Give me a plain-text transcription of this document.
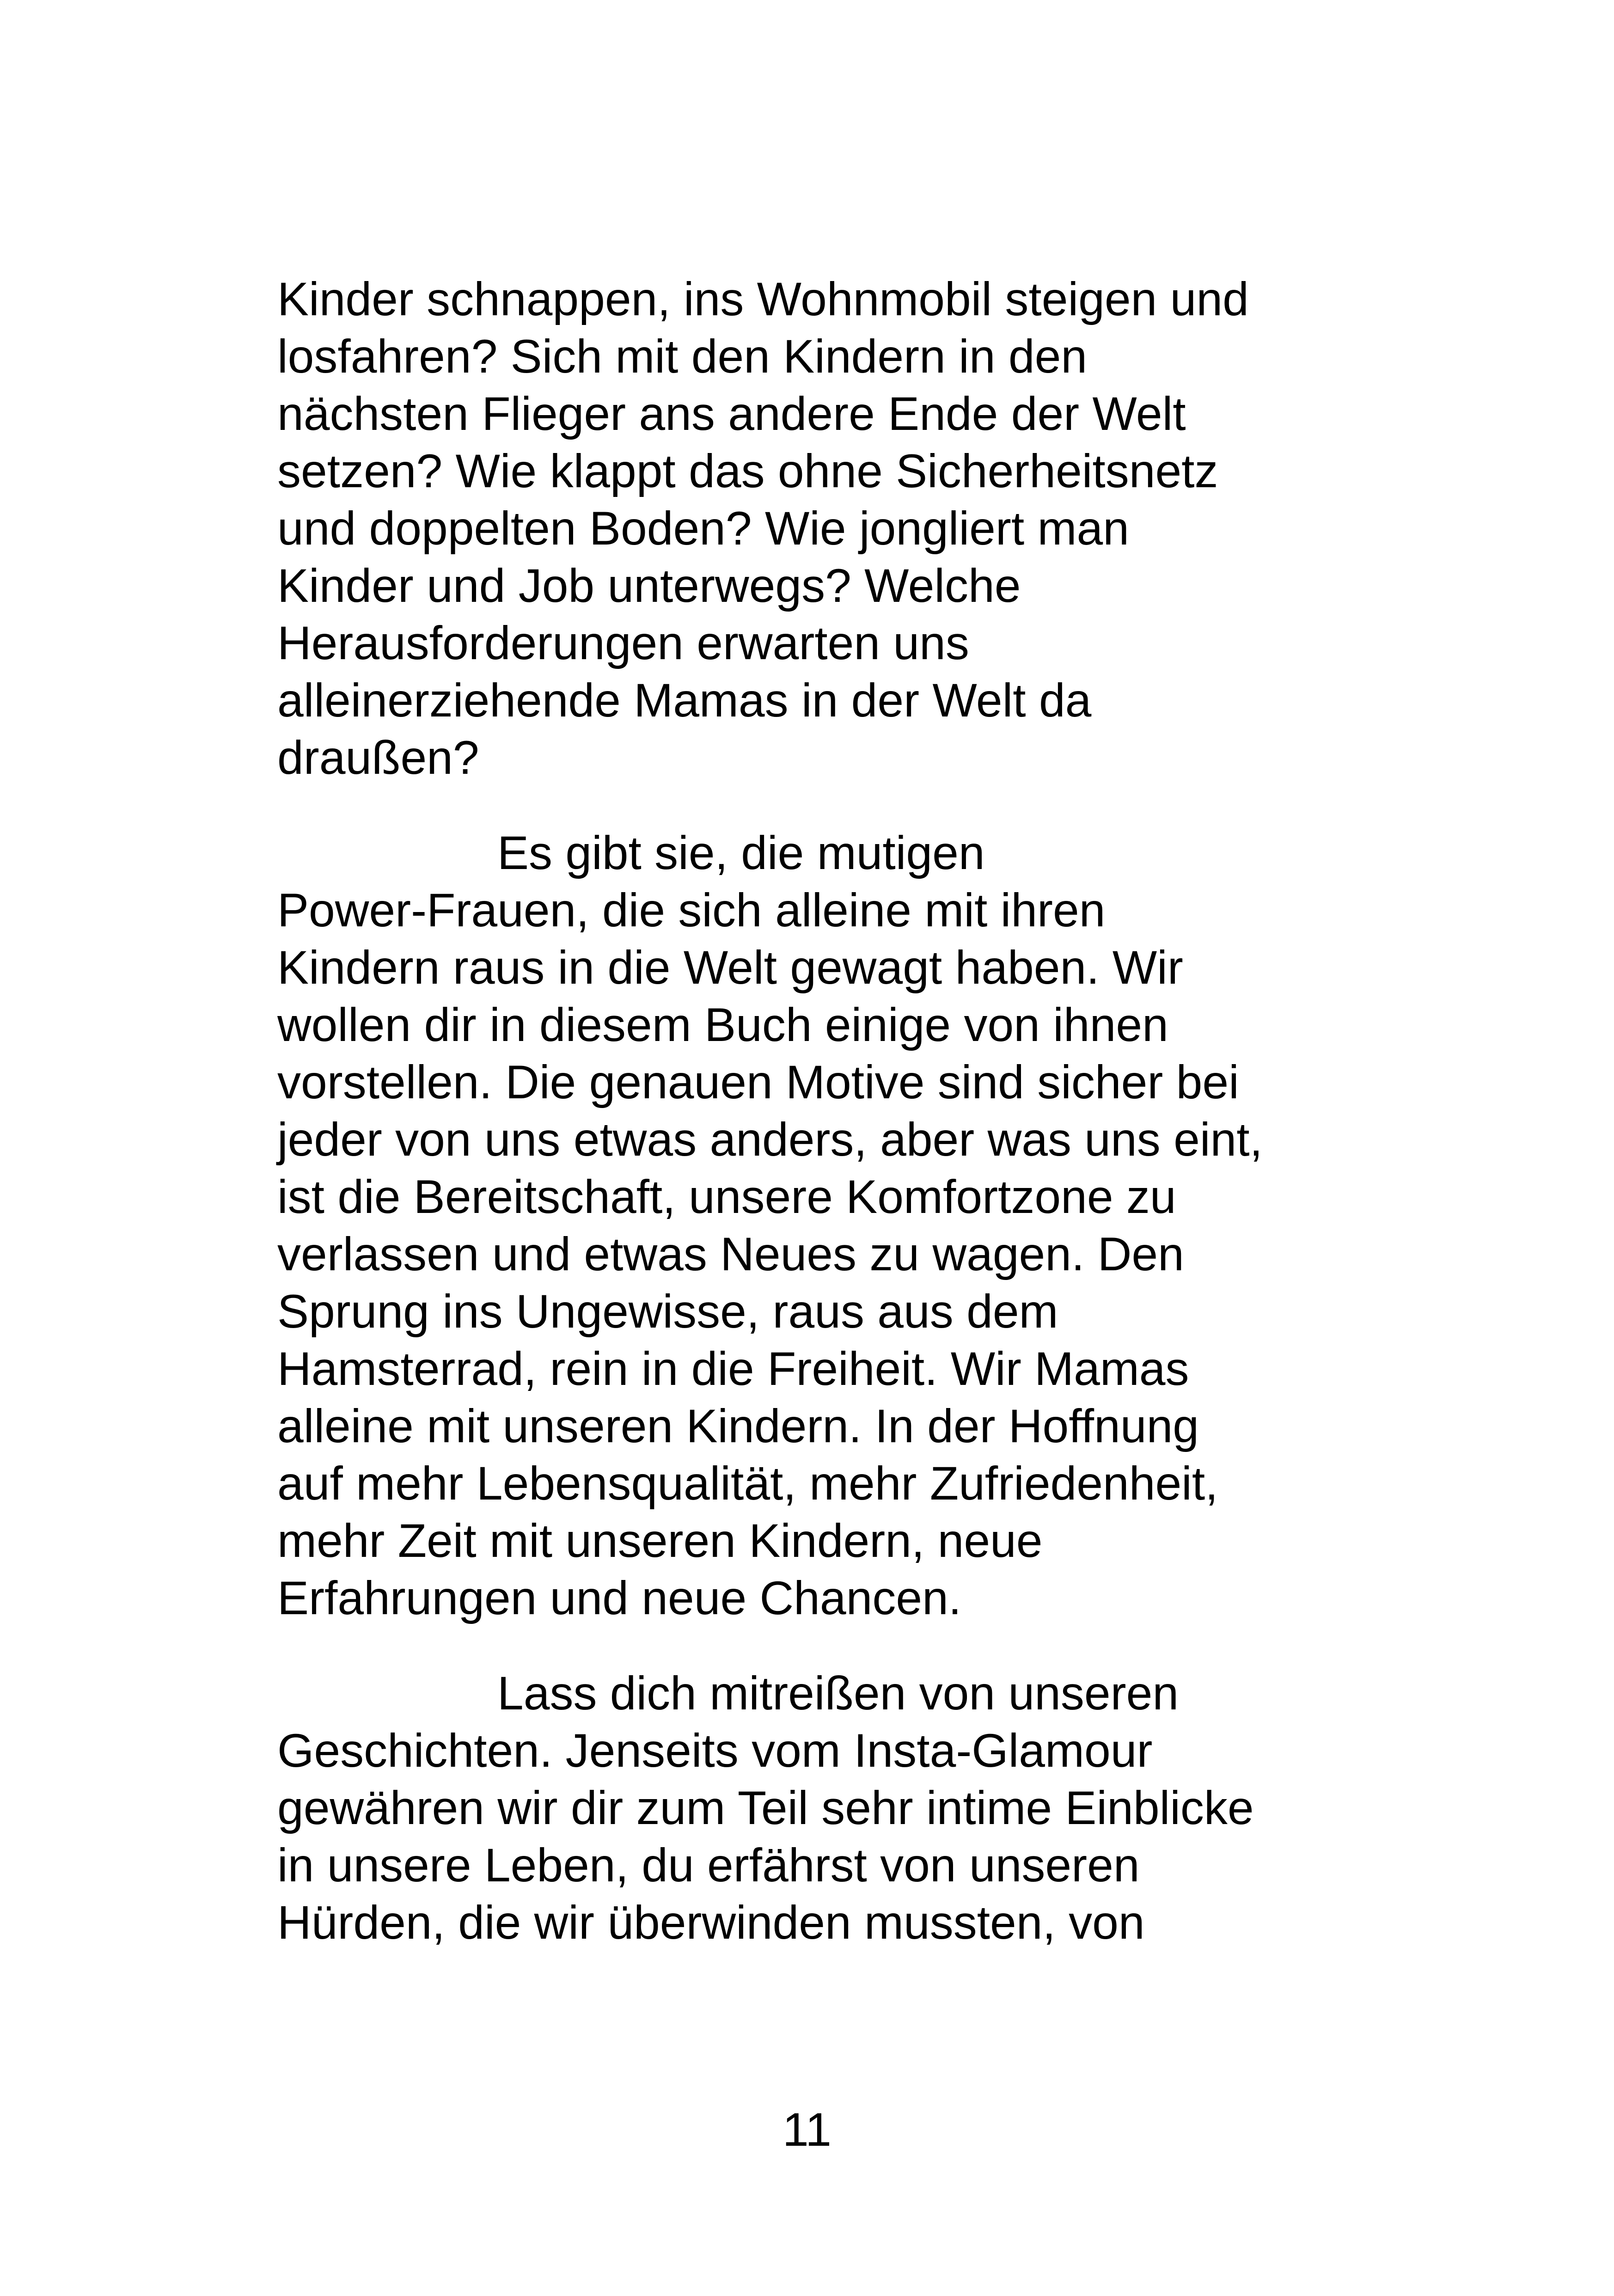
Kinder schnappen, ins Wohnmobil steigen und
losfahren? Sich mit den Kindern in den
nächsten Flieger ans andere Ende der Welt
setzen? Wie klappt das ohne Sicherheitsnetz
und doppelten Boden? Wie jongliert man
Kinder und Job unterwegs? Welche
Herausforderungen erwarten uns
alleinerziehende Mamas in der Welt da
draußen?
Es gibt sie, die mutigen
Power-Frauen, die sich alleine mit ihren
Kindern raus in die Welt gewagt haben. Wir
wollen dir in diesem Buch einige von ihnen
vorstellen. Die genauen Motive sind sicher bei
jeder von uns etwas anders, aber was uns eint,
ist die Bereitschaft, unsere Komfortzone zu
verlassen und etwas Neues zu wagen. Den
Sprung ins Ungewisse, raus aus dem
Hamsterrad, rein in die Freiheit. Wir Mamas
alleine mit unseren Kindern. In der Hoffnung
auf mehr Lebensqualität, mehr Zufriedenheit,
mehr Zeit mit unseren Kindern, neue
Erfahrungen und neue Chancen.
Lass dich mitreißen von unseren
Geschichten. Jenseits vom Insta-Glamour
gewähren wir dir zum Teil sehr intime Einblicke
in unsere Leben, du erfährst von unseren
Hürden, die wir überwinden mussten, von
11
